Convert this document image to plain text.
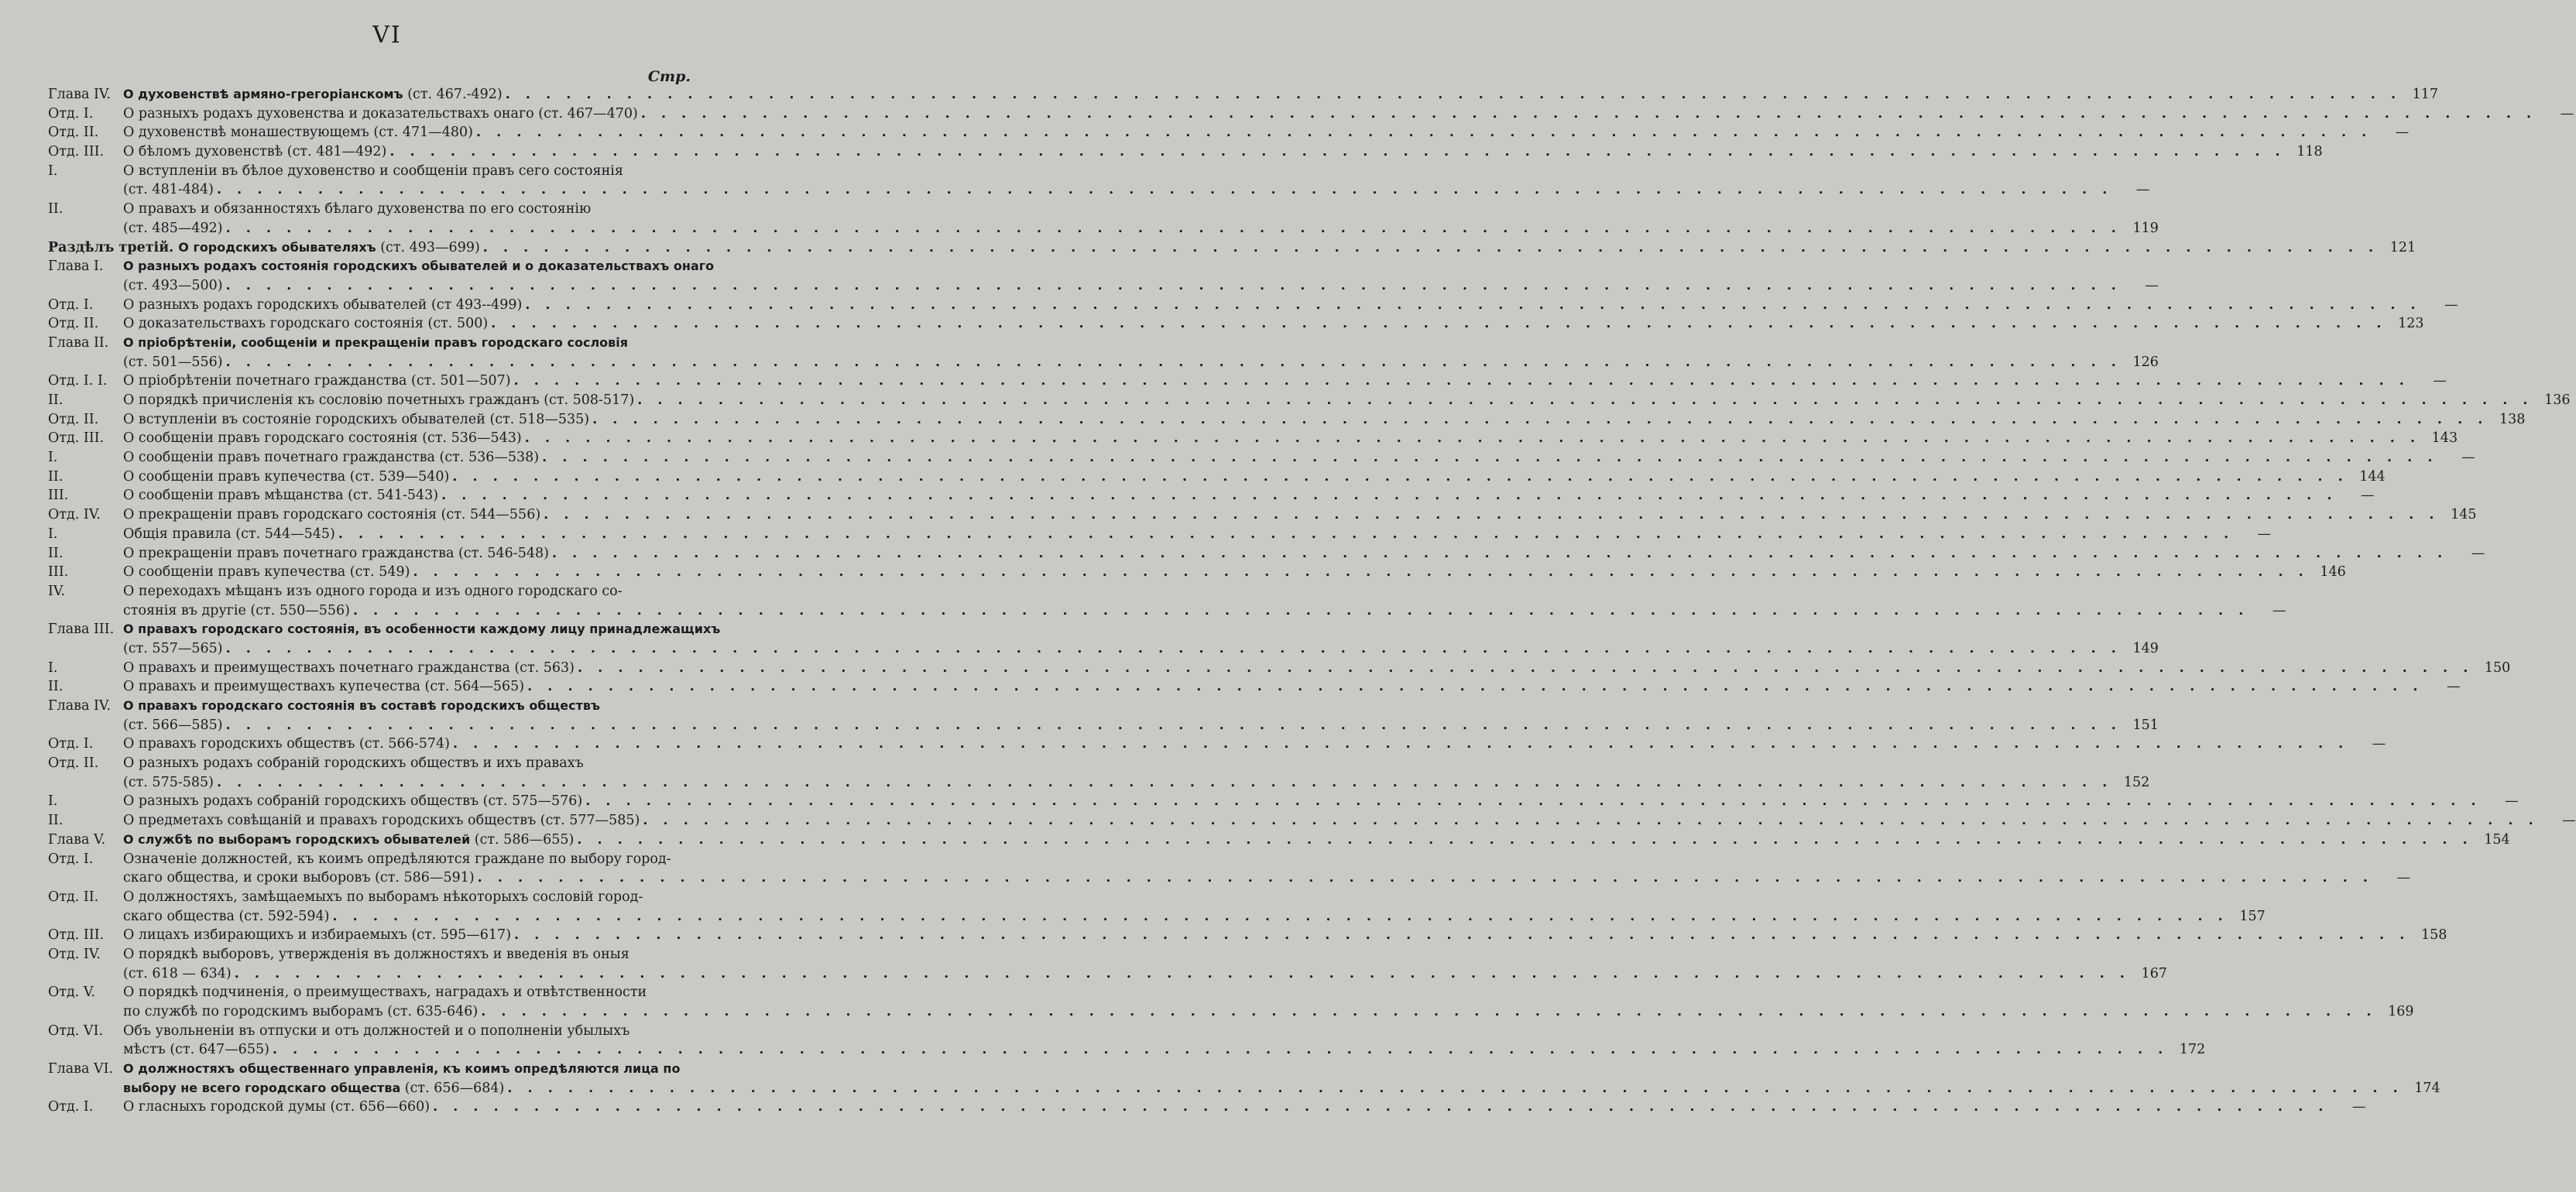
VI
Стр.
Глава IV. О духовенствѣ армяно-грегоріанскомъ (ст. 467.-492) . . .	117
Отд. I.	О разныхъ родахъ духовенства и доказательствахъ онаго (ст. 467—470) . . .	—
Отд. II.	О духовенствѣ монашествующемъ (ст. 471—480) . . .	—
Отд. III.	О бѣломъ духовенствѣ (ст. 481—492) . . .	118
I.	О вступленіи въ бѣлое духовенство и сообщеніи правъ сего состоянія
(ст. 481-484) . . .	—
II.	О правахъ и обязанностяхъ бѣлаго духовенства по его состоянію
(ст. 485—492) . . .	119
Раздѣлъ третій. О городскихъ обывателяхъ (ст. 493—699) . . .	121
Глава I.	О разныхъ родахъ состоянія городскихъ обывателей и о доказательствахъ онаго
(ст. 493—500) . . .	—
Отд. I.	О разныхъ родахъ городскихъ обывателей (ст 493--499) . . .	—
Отд. II.	О доказательствахъ городскаго состоянія (ст. 500) . . .	123
Глава II.	О пріобрѣтеніи, сообщеніи и прекращеніи правъ городскаго сословія
(ст. 501—556) . . .	126
Отд. I. I.	О пріобрѣтеніи почетнаго гражданства (ст. 501—507) . . .	—
II.	О порядкѣ причисленія къ сословію почетныхъ гражданъ (ст. 508-517) . . .	136
Отд. II.	О вступленіи въ состояніе городскихъ обывателей (ст. 518—535) . . .	138
Отд. III.	О сообщеніи правъ городскаго состоянія (ст. 536—543) . . .	143
I.	О сообщеніи правъ почетнаго гражданства (ст. 536—538) . . .	—
II.	О сообщеніи правъ купечества (ст. 539—540) . . .	144
III.	О сообщеніи правъ мѣщанства (ст. 541-543) . . .	—
Отд. IV.	О прекращеніи правъ городскаго состоянія (ст. 544—556) . . .	145
I.	Общія правила (ст. 544—545) . . .	—
II.	О прекращеніи правъ почетнаго гражданства (ст. 546-548) . . .	—
III.	О сообщеніи правъ купечества (ст. 549) . . .	146
IV.	О переходахъ мѣщанъ изъ одного города и изъ одного городскаго со-
стоянія въ другіе (ст. 550—556) . . .	—
Глава III. О правахъ городскаго состоянія, въ особенности каждому лицу принадлежащихъ
(ст. 557—565) . . .	149
I.	О правахъ и преимуществахъ почетнаго гражданства (ст. 563) . . .	150
II.	О правахъ и преимуществахъ купечества (ст. 564—565) . . .	—
Глава IV. О правахъ городскаго состоянія въ составѣ городскихъ обществъ
(ст. 566—585) . . .	151
Отд. I.	О правахъ городскихъ обществъ (ст. 566-574) . . .	—
Отд. II.	О разныхъ родахъ собраній городскихъ обществъ и ихъ правахъ
(ст. 575-585) . . .	152
I.	О разныхъ родахъ собраній городскихъ обществъ (ст. 575—576) . . .	—
II.	О предметахъ совѣщаній и правахъ городскихъ обществъ (ст. 577—585) . . .	—
Глава V.	О службѣ по выборамъ городскихъ обывателей (ст. 586—655) . . .	154
Отд. I.	Означеніе должностей, къ коимъ опредѣляются граждане по выбору город-
скаго общества, и сроки выборовъ (ст. 586—591) . . .	—
Отд. II.	О должностяхъ, замѣщаемыхъ по выборамъ нѣкоторыхъ сословій город-
скаго общества (ст. 592-594) . . .	157
Отд. III.	О лицахъ избирающихъ и избираемыхъ (ст. 595—617) . . .	158
Отд. IV.	О порядкѣ выборовъ, утвержденія въ должностяхъ и введенія въ оныя
(ст. 618 — 634) . . .	167
Отд. V.	О порядкѣ подчиненія, о преимуществахъ, наградахъ и отвѣтственности
по службѣ по городскимъ выборамъ (ст. 635-646) . . .	169
Отд. VI.	Объ увольненіи въ отпуски и отъ должностей и о пополненіи убылыхъ
мѣстъ (ст. 647—655) . . .	172
Глава VI. О должностяхъ общественнаго управленія, къ коимъ опредѣляются лица по
выбору не всего городскаго общества (ст. 656—684) . . .	174
Отд. I.	О гласныхъ городской думы (ст. 656—660) . . .	—
